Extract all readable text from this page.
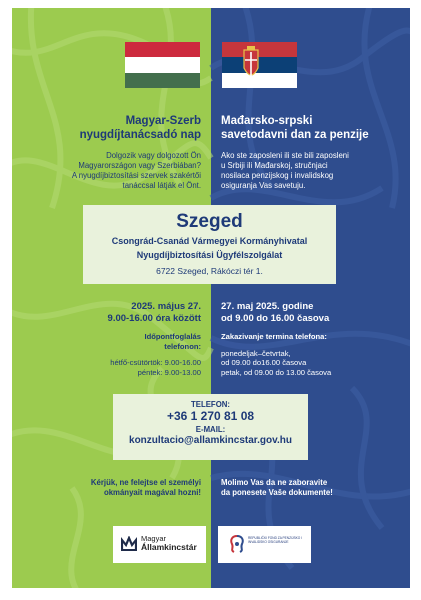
Magyar-Szerb
nyugdíjtanácsadó nap
Mađarsko-srpski
savetodavni dan za penzije
Dolgozik vagy dolgozott Ön
Magyarországon vagy Szerbiában?
A nyugdíjbiztosítási szervek szakértői
tanáccsal látják el Önt.
Ako ste zaposleni ili ste bili zaposleni
u Srbiji ili Mađarskoj, stručnjaci
nosilaca penzijskog i invalidskog
osiguranja Vas savetuju.
Szeged
Csongrád-Csanád Vármegyei Kormányhivatal
Nyugdíjbiztosítási Ügyfélszolgálat
6722 Szeged, Rákóczi tér 1.
2025. május 27.
9.00-16.00 óra között
27. maj 2025. godine
od 9.00 do 16.00 časova
Időpontfoglalás
telefonon:
hétfő-csütörtök: 9.00-16.00
péntek: 9.00-13.00
Zakazivanje termina telefona:
ponedeljak–četvrtak,
od 09.00 do16.00 časova
petak, od 09.00 do 13.00 časova
TELEFON:
+36 1 270 81 08
E-MAIL:
konzultacio@allamkincstar.gov.hu
Kérjük, ne felejtse el személyi
okmányait magával hozni!
Molimo Vas da ne zaboravite
da ponesete Vaše dokumente!
Magyar
Államkincstár
REPUBLIČKI FOND ZA PENZIJSKO I INVALIDSKO OSIGURANJE
